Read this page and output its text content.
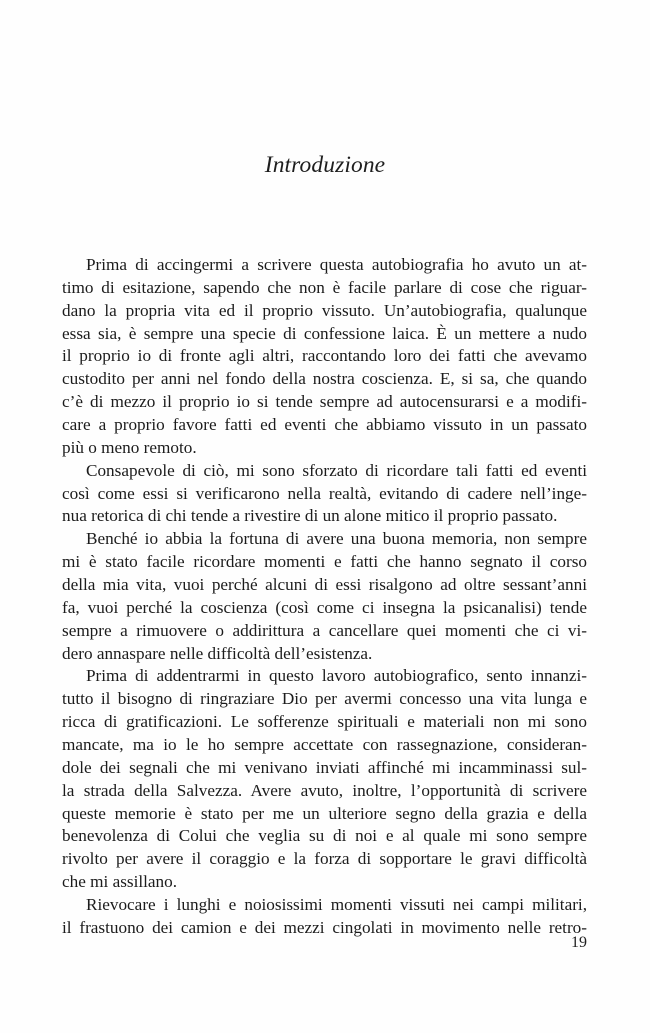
Introduzione
Prima di accingermi a scrivere questa autobiografia ho avuto un at-
timo di esitazione, sapendo che non è facile parlare di cose che riguar-
dano la propria vita ed il proprio vissuto. Un’autobiografia, qualunque
essa sia, è sempre una specie di confessione laica. È un mettere a nudo
il proprio io di fronte agli altri, raccontando loro dei fatti che avevamo
custodito per anni nel fondo della nostra coscienza. E, si sa, che quando
c’è di mezzo il proprio io si tende sempre ad autocensurarsi e a modifi-
care a proprio favore fatti ed eventi che abbiamo vissuto in un passato
più o meno remoto.
Consapevole di ciò, mi sono sforzato di ricordare tali fatti ed eventi
così come essi si verificarono nella realtà, evitando di cadere nell’inge-
nua retorica di chi tende a rivestire di un alone mitico il proprio passato.
Benché io abbia la fortuna di avere una buona memoria, non sempre
mi è stato facile ricordare momenti e fatti che hanno segnato il corso
della mia vita, vuoi perché alcuni di essi risalgono ad oltre sessant’anni
fa, vuoi perché la coscienza (così come ci insegna la psicanalisi) tende
sempre a rimuovere o addirittura a cancellare quei momenti che ci vi-
dero annaspare nelle difficoltà dell’esistenza.
Prima di addentrarmi in questo lavoro autobiografico, sento innanzi-
tutto il bisogno di ringraziare Dio per avermi concesso una vita lunga e
ricca di gratificazioni. Le sofferenze spirituali e materiali non mi sono
mancate, ma io le ho sempre accettate con rassegnazione, consideran-
dole dei segnali che mi venivano inviati affinché mi incamminassi sul-
la strada della Salvezza. Avere avuto, inoltre, l’opportunità di scrivere
queste memorie è stato per me un ulteriore segno della grazia e della
benevolenza di Colui che veglia su di noi e al quale mi sono sempre
rivolto per avere il coraggio e la forza di sopportare le gravi difficoltà
che mi assillano.
Rievocare i lunghi e noiosissimi momenti vissuti nei campi militari,
il frastuono dei camion e dei mezzi cingolati in movimento nelle retro-
19
